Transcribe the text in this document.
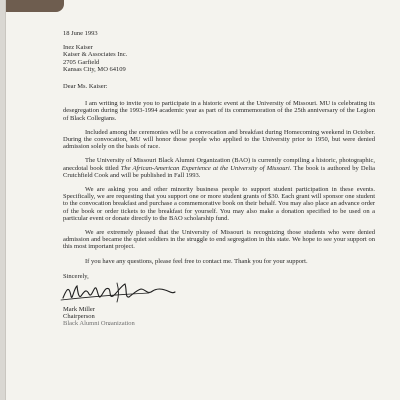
18 June 1993

Inez Kaiser

Kaiser & Associates Inc.

2705 Garfield

Kansas City, MO 64109

Dear Ms. Kaiser:

I am writing to invite you to participate in a historic event at the University of Missouri. MU is celebrating its desegregation during the 1993-1994 academic year as part of its commemoration of the 25th anniversary of the Legion of Black Collegians.

Included among the ceremonies will be a convocation and breakfast during Homecoming weekend in October. During the convocation, MU will honor those people who applied to the University prior to 1950, but were denied admission solely on the basis of race.

The University of Missouri Black Alumni Organization (BAO) is currently compiling a historic, photographic, anecdotal book titled The African-American Experience at the University of Missouri. The book is authored by Delia Crutchfield Cook and will be published in Fall 1993.

We are asking you and other minority business people to support student participation in these events. Specifically, we are requesting that you support one or more student grants of $30. Each grant will sponsor one student to the convocation breakfast and purchase a commemorative book on their behalf. You may also place an advance order of the book or order tickets to the breakfast for yourself. You may also make a donation specified to be used on a particular event or donate directly to the BAO scholarship fund.

We are extremely pleased that the University of Missouri is recognizing those students who were denied admission and became the quiet soldiers in the struggle to end segregation in this state. We hope to see your support on this most important project.

If you have any questions, please feel free to contact me. Thank you for your support.

Sincerely,

Mark Miller

Chairperson

Black Alumni Organization
